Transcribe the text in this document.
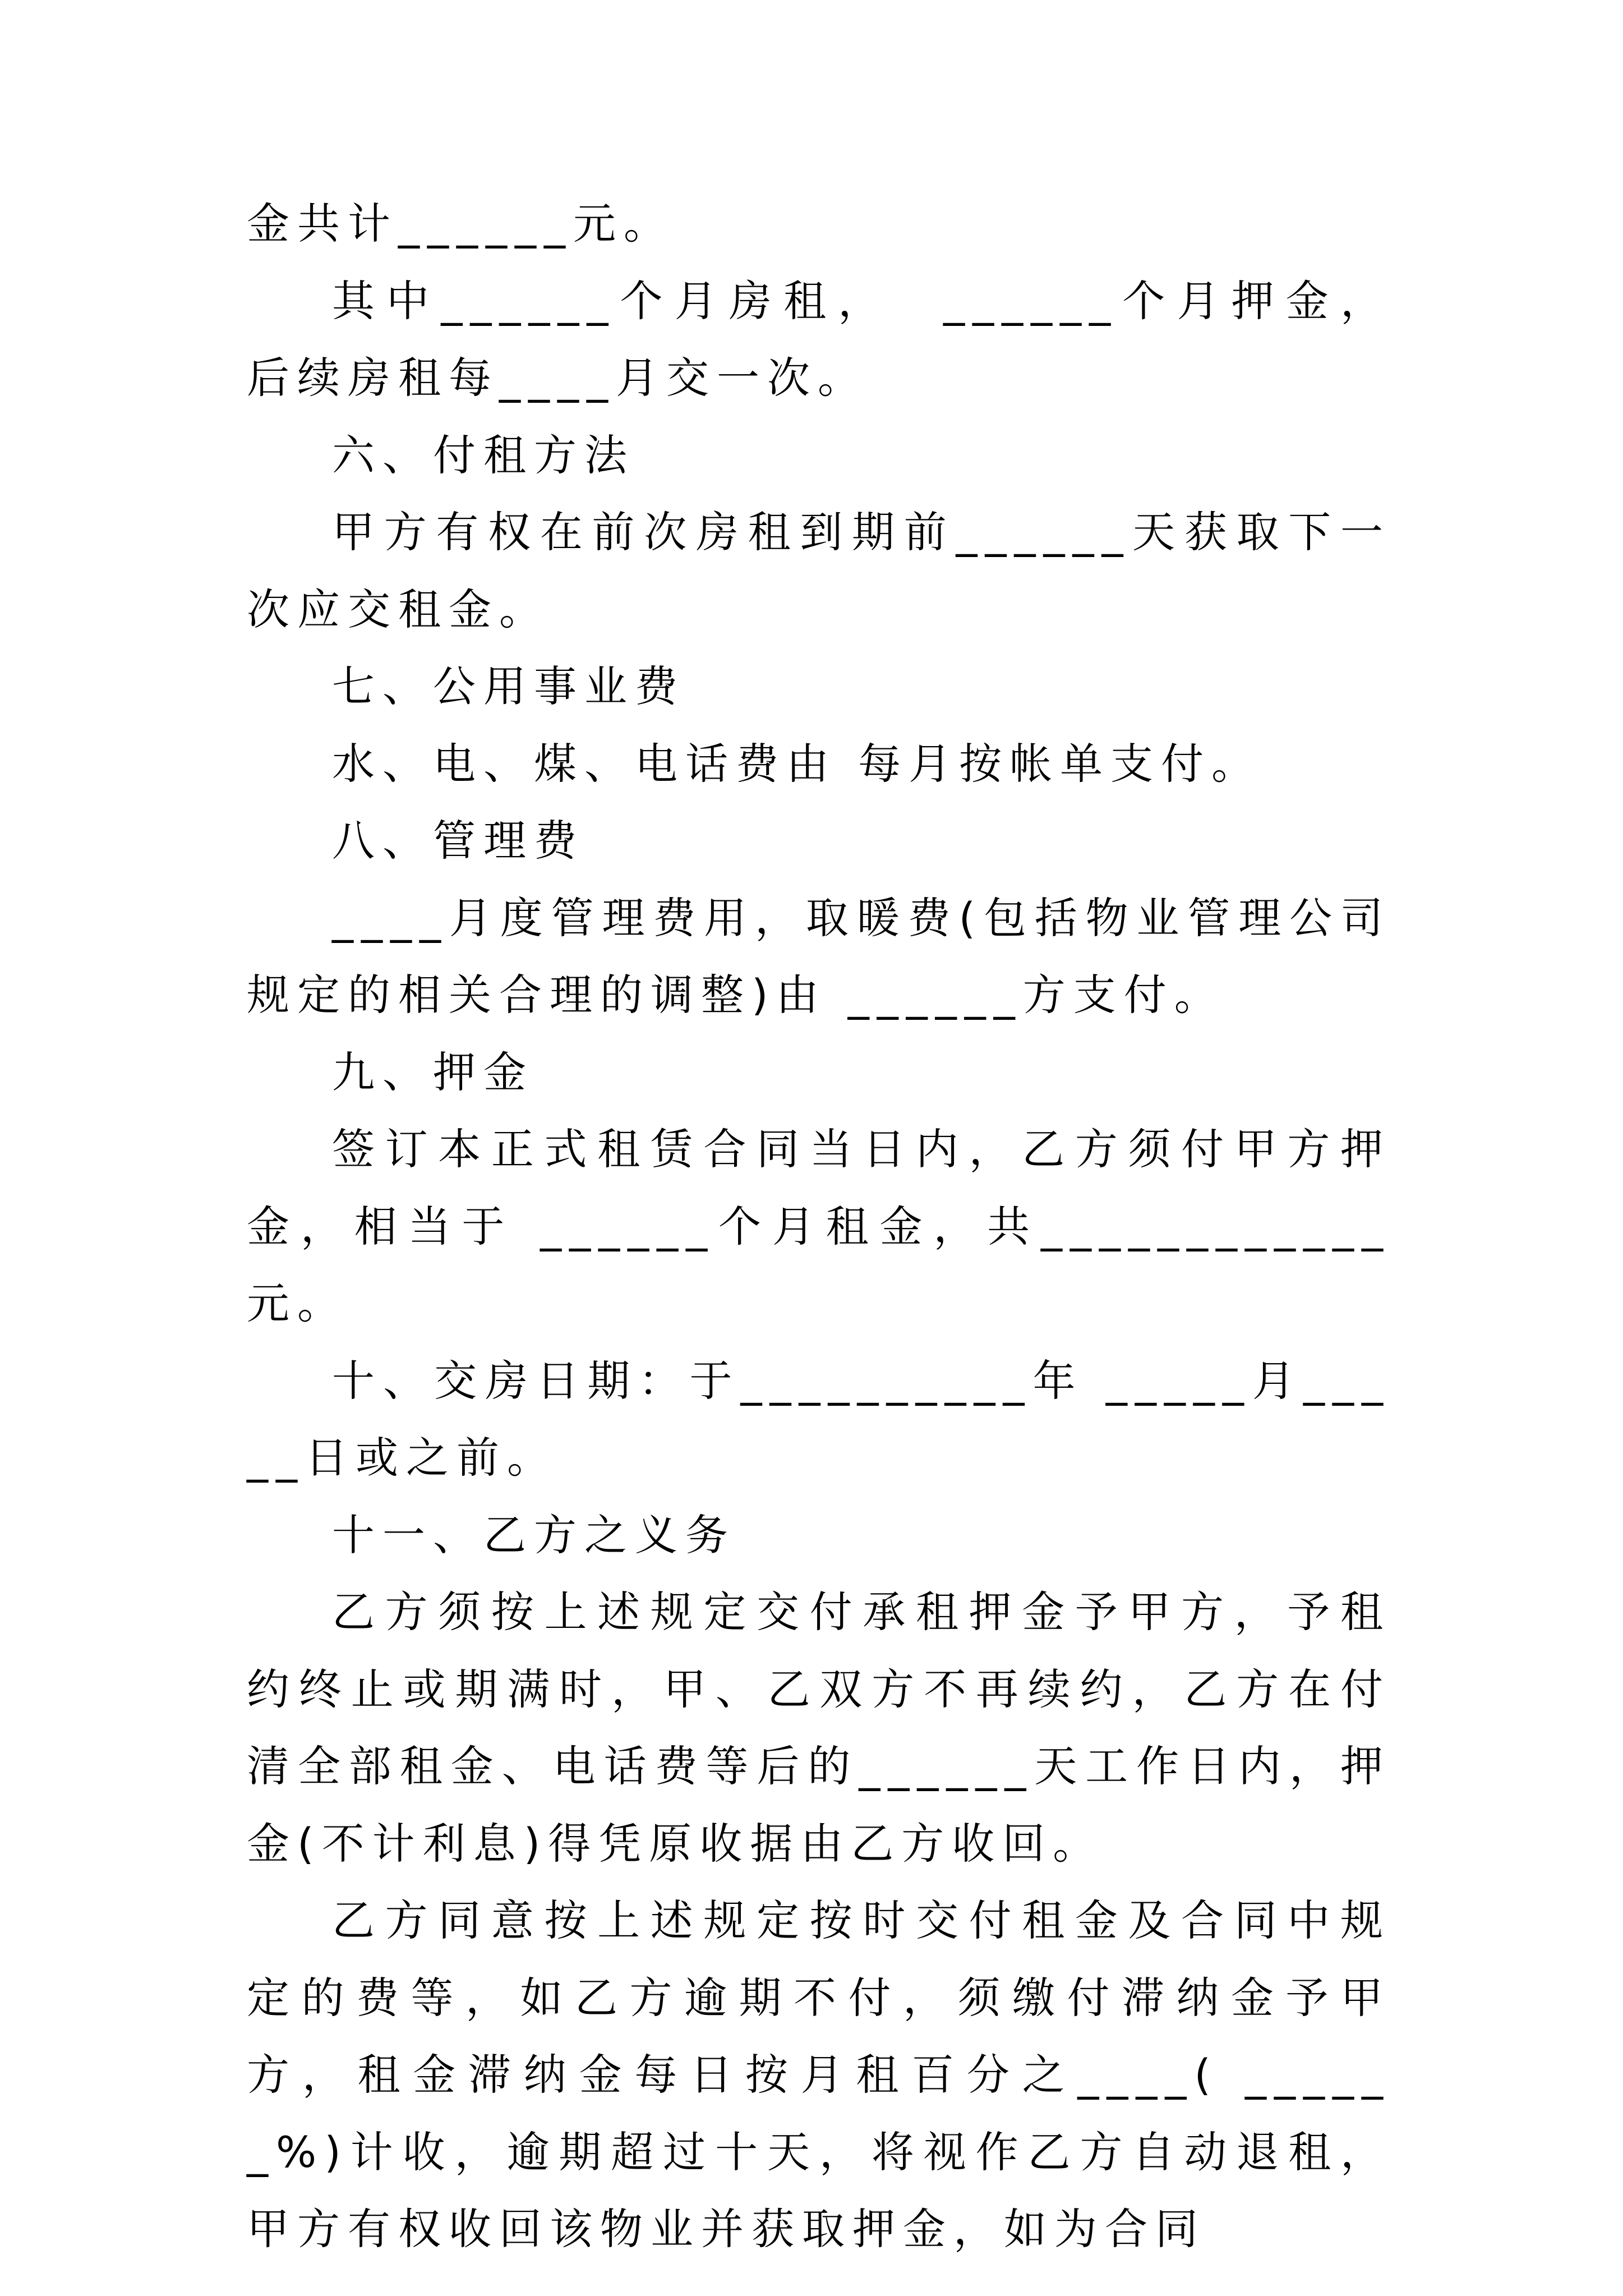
金共计______元。

其中______个月房租，  ______个月押金，  后续房租每____月交一次。

六、付租方法

甲方有权在前次房租到期前______天获取下一次应交租金。

七、公用事业费

水、电、煤、电话费由 每月按帐单支付。

八、管理费

____月度管理费用，取暖费(包括物业管理公司规定的相关合理的调整)由 ______方支付。

九、押金

签订本正式租赁合同当日内，乙方须付甲方押金，相当于 ______个月租金，共____________元。

十、交房日期：于__________年 _____月_____日或之前。

十一、乙方之义务

乙方须按上述规定交付承租押金予甲方，予租约终止或期满时，甲、乙双方不再续约，乙方在付清全部租金、电话费等后的______天工作日内，押金(不计利息)得凭原收据由乙方收回。

乙方同意按上述规定按时交付租金及合同中规定的费等，如乙方逾期不付，须缴付滞纳金予甲方，租金滞纳金每日按月租百分之____( ______%)计收，逾期超过十天，将视作乙方自动退租，甲方有权收回该物业并获取押金，如为合同
